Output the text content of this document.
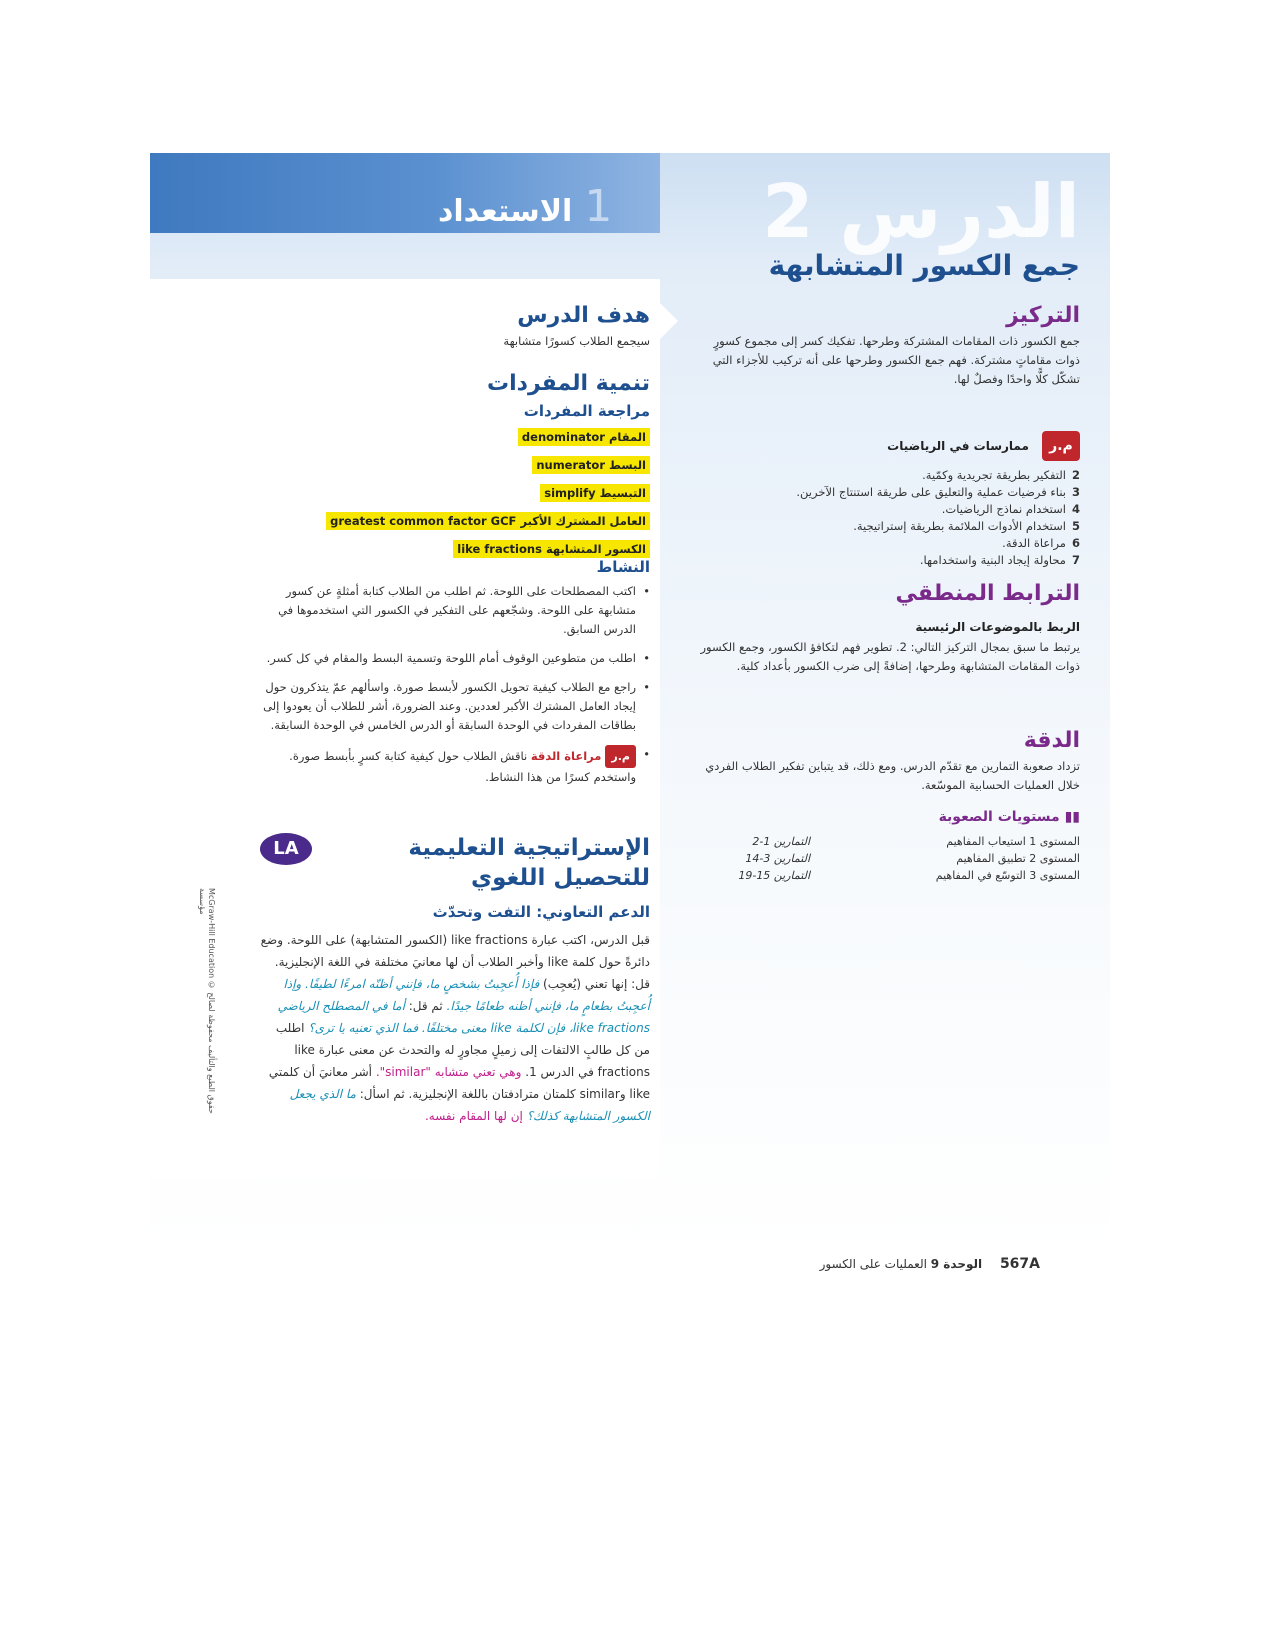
1الاستعداد	الدرس 2
جمع الكسور المتشابهة
هدف الدرس

سيجمع الطلاب كسورًا متشابهة

تنمية المفردات
مراجعة المفردات
المقام denominator
البسط numerator
التبسيط simplify
العامل المشترك الأكبر greatest common factor GCF
الكسور المتشابهة like fractions
النشاط

• اكتب المصطلحات على اللوحة. ثم اطلب من الطلاب كتابة أمثلةٍ عن كسور متشابهة على اللوحة. وشجّعهم على التفكير في الكسور التي استخدموها في الدرس السابق.

• اطلب من متطوعين الوقوف أمام اللوحة وتسمية البسط والمقام في كل كسر.

• راجع مع الطلاب كيفية تحويل الكسور لأبسط صورة. واسألهم عمّ يتذكرون حول إيجاد العامل المشترك الأكبر لعددين. وعند الضرورة، أشر للطلاب أن يعودوا إلى بطاقات المفردات في الوحدة السابقة أو الدرس الخامس في الوحدة السابقة.

• م.رمراعاة الدقة ناقش الطلاب حول كيفية كتابة كسرٍ بأبسط صورة. واستخدم كسرًا من هذا النشاط.

الإستراتيجية التعليمية للتحصيل اللغوي
LA
الدعم التعاوني: التفت وتحدّث

قبل الدرس، اكتب عبارة like fractions (الكسور المتشابهة) على اللوحة. وضع دائرةً حول كلمة like وأخبر الطلاب أن لها معانيَ مختلفة في اللغة الإنجليزية. قل: إنها تعني (يُعجِب) فإذا أُعجِبتُ بشخصٍ ما، فإنني أظنّه امرءًا لطيفًا. وإذا أُعجِبتُ بطعامٍ ما، فإنني أظنه طعامًا جيدًا. ثم قل: أما في المصطلح الرياضي like fractions، فإن لكلمة like معنى مختلفًا. فما الذي تعنيه يا ترى؟ اطلب من كل طالبٍ الالتفات إلى زميلٍ مجاورٍ له والتحدث عن معنى عبارة like fractions في الدرس 1. وهي تعني متشابه "similar". أشر معانيَ أن كلمتي like وsimilar كلمتان مترادفتان باللغة الإنجليزية. ثم اسأل: ما الذي يجعل الكسور المتشابهة كذلك؟ إن لها المقام نفسه.

التركيز

جمع الكسور ذات المقامات المشتركة وطرحها. تفكيك كسر إلى مجموع كسورٍ ذوات مقاماتٍ مشتركة. فهم جمع الكسور وطرحها على أنه تركيب للأجزاء التي تشكّل كلًّا واحدًا وفصلٌ لها.

م.ر ممارسات في الرياضيات
2التفكير بطريقة تجريدية وكمّية.
3بناء فرضيات عملية والتعليق على طريقة استنتاج الآخرين.
4استخدام نماذج الرياضيات.
5استخدام الأدوات الملائمة بطريقة إستراتيجية.
6مراعاة الدقة.
7محاولة إيجاد البنية واستخدامها.
الترابط المنطقي
الربط بالموضوعات الرئيسية

يرتبط ما سبق بمجال التركيز التالي: 2. تطوير فهم لتكافؤ الكسور، وجمع الكسور ذوات المقامات المتشابهة وطرحها، إضافةً إلى ضرب الكسور بأعداد كلية.

الدقة

تزداد صعوبة التمارين مع تقدّم الدرس. ومع ذلك، قد يتباين تفكير الطلاب الفردي خلال العمليات الحسابية الموسّعة.

▮▮ مستويات الصعوبة
المستوى 1 استيعاب المفاهيم
التمارين 1-2
المستوى 2 تطبيق المفاهيم
التمارين 3-14
المستوى 3 التوسّع في المفاهيم
التمارين 15-19
McGraw-Hill Education © حقوق الطبع والتأليف محفوظة لصالح مؤسسة
567A الوحدة 9 العمليات على الكسور
